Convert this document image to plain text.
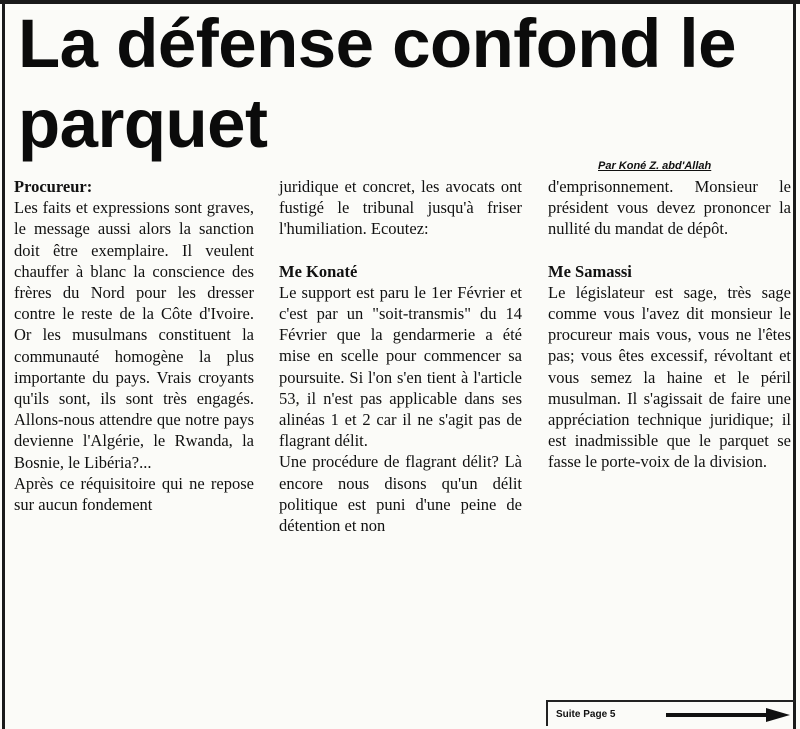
La défense confond le parquet
Par Koné Z. abd'Allah

Procureur:

Les faits et expressions sont graves, le message aussi alors la sanction doit être exemplaire. Il veulent chauffer à blanc la conscience des frères du Nord pour les dresser contre le reste de la Côte d'Ivoire. Or les musulmans constituent la communauté homogène la plus importante du pays. Vrais croyants qu'ils sont, ils sont très engagés. Allons-nous attendre que notre pays devienne l'Algérie, le Rwanda, la Bosnie, le Libéria?...

Après ce réquisitoire qui ne repose sur aucun fondement

juridique et concret, les avocats ont fustigé le tribunal jusqu'à friser l'humiliation. Ecoutez:

Me Konaté

Le support est paru le 1er Février et c'est par un "soit-transmis" du 14 Février que la gendarmerie a été mise en scelle pour commencer sa poursuite. Si l'on s'en tient à l'article 53, il n'est pas applicable dans ses alinéas 1 et 2 car il ne s'agit pas de flagrant délit.

Une procédure de flagrant délit? Là encore nous disons qu'un délit politique est puni d'une peine de détention et non

d'emprisonnement. Monsieur le président vous devez prononcer la nullité du mandat de dépôt.

Me Samassi

Le législateur est sage, très sage comme vous l'avez dit monsieur le procureur mais vous, vous ne l'êtes pas; vous êtes excessif, révoltant et vous semez la haine et le péril musulman. Il s'agissait de faire une appréciation technique juridique; il est inadmissible que le parquet se fasse le porte-voix de la division.

Suite Page 5
